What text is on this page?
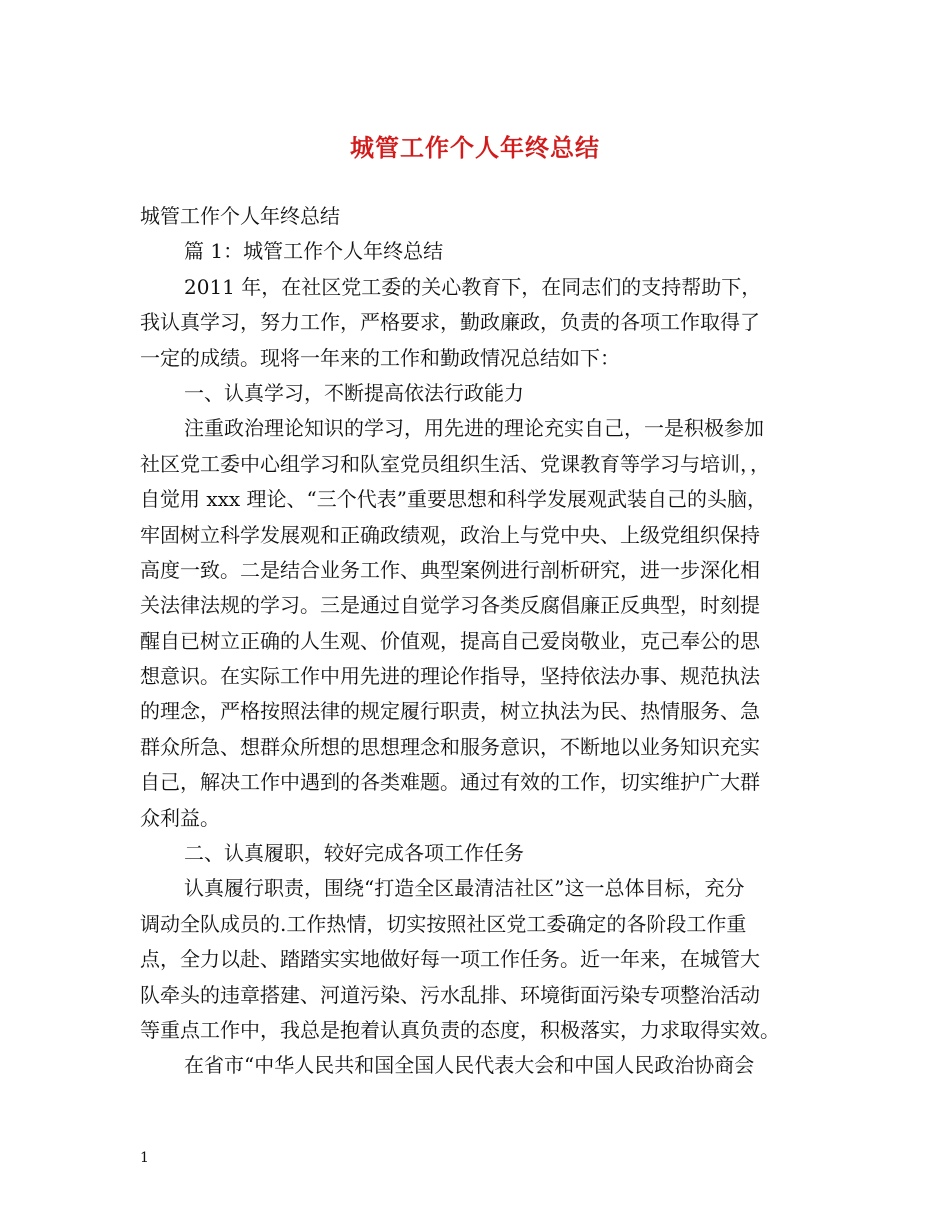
城管工作个人年终总结
城管工作个人年终总结
篇 1：城管工作个人年终总结
2011 年，在社区党工委的关心教育下，在同志们的支持帮助下，
我认真学习，努力工作，严格要求，勤政廉政，负责的各项工作取得了
一定的成绩。现将一年来的工作和勤政情况总结如下：
一、认真学习，不断提高依法行政能力
注重政治理论知识的学习，用先进的理论充实自己，一是积极参加
社区党工委中心组学习和队室党员组织生活、党课教育等学习与培训，，
自觉用 xxx 理论、“三个代表”重要思想和科学发展观武装自己的头脑，
牢固树立科学发展观和正确政绩观，政治上与党中央、上级党组织保持
高度一致。二是结合业务工作、典型案例进行剖析研究，进一步深化相
关法律法规的学习。三是通过自觉学习各类反腐倡廉正反典型，时刻提
醒自已树立正确的人生观、价值观，提高自己爱岗敬业，克己奉公的思
想意识。在实际工作中用先进的理论作指导，坚持依法办事、规范执法
的理念，严格按照法律的规定履行职责，树立执法为民、热情服务、急
群众所急、想群众所想的思想理念和服务意识，不断地以业务知识充实
自己，解决工作中遇到的各类难题。通过有效的工作，切实维护广大群
众利益。
二、认真履职，较好完成各项工作任务
认真履行职责，围绕“打造全区最清洁社区”这一总体目标，充分
调动全队成员的.工作热情，切实按照社区党工委确定的各阶段工作重
点，全力以赴、踏踏实实地做好每一项工作任务。近一年来，在城管大
队牵头的违章搭建、河道污染、污水乱排、环境街面污染专项整治活动
等重点工作中，我总是抱着认真负责的态度，积极落实，力求取得实效。
在省市“中华人民共和国全国人民代表大会和中国人民政治协商会
1
